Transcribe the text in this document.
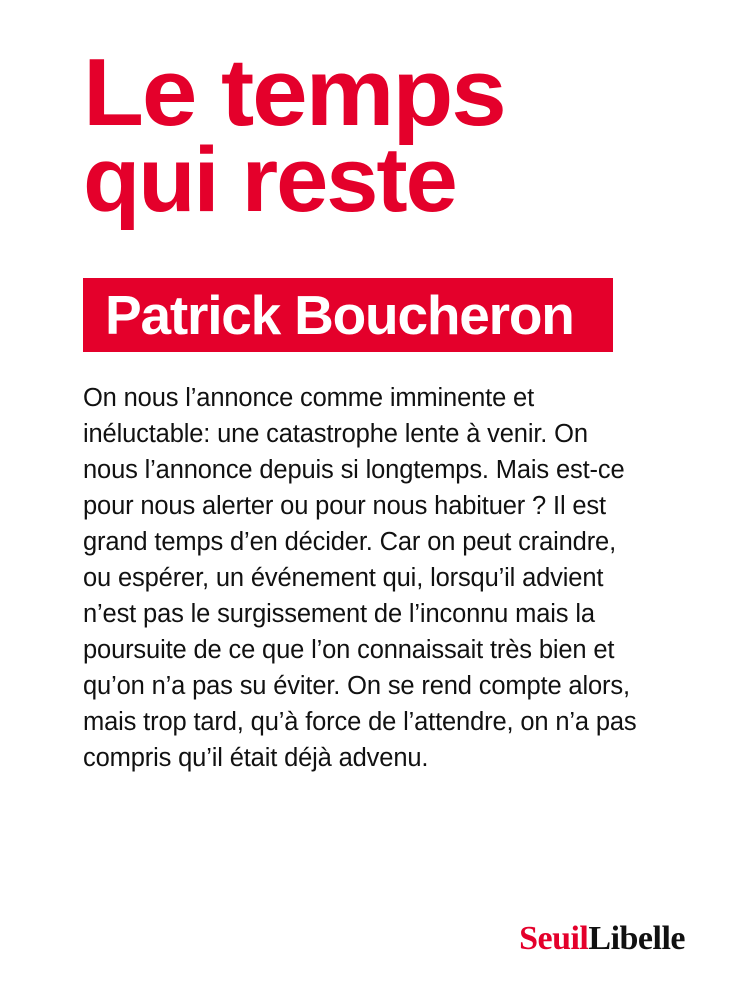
Le temps
qui reste
Patrick Boucheron

On nous l’annonce comme imminente et inéluctable: une catastrophe lente à venir. On nous l’annonce depuis si longtemps. Mais est-ce pour nous alerter ou pour nous habituer ? Il est grand temps d’en décider. Car on peut craindre, ou espérer, un événement qui, lorsqu’il advient n’est pas le surgissement de l’inconnu mais la poursuite de ce que l’on connaissait très bien et qu’on n’a pas su éviter. On se rend compte alors, mais trop tard, qu’à force de l’attendre, on n’a pas compris qu’il était déjà advenu.

Seuil Libelle
